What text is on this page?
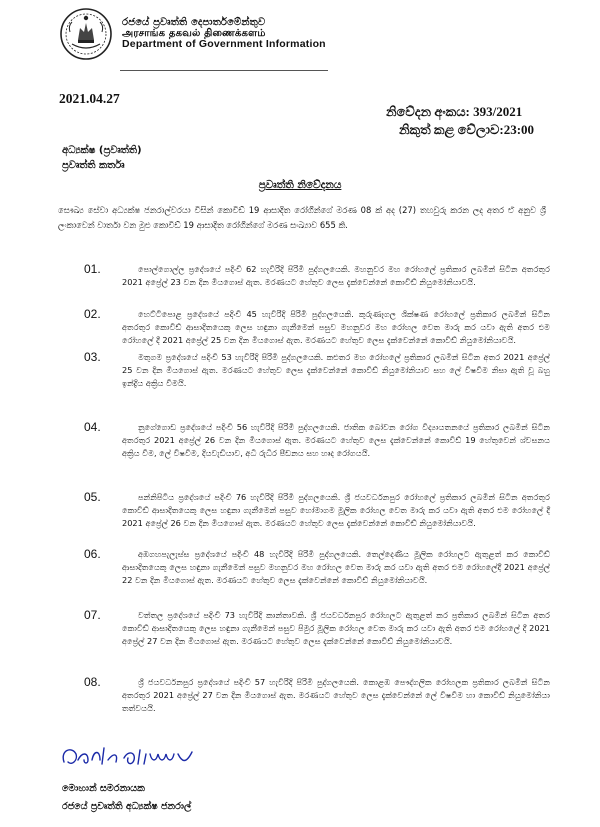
රජයේ ප්‍රවෘත්ති දෙපාර්තමේන්තුව
அரசாங்க தகவல் திணைக்களம்
Department of Government Information
2021.04.27
නිවේදන අංකය: 393/2021
නිකුත් කළ වේලාව:23:00
අධ්‍යක්ෂ (ප්‍රවෘත්ති)
ප්‍රවෘත්ති කර්තෘ
ප්‍රවෘත්ති නිවේදනය
සෞඛ්‍ය සේවා අධ්‍යක්ෂ ජනරාල්වරයා විසින් කොවිඩ් 19 ආසාදිත රෝගීන්ගේ මරණ 08 ක් අද (27) තහවුරු කරන ලද අතර ඒ අනුව ශ්‍රී ලංකාවෙන් වාර්තා වන මුළු කොවිඩ් 19 ආසාදිත රෝගීන්ගේ මරණ සංඛ්‍යාව 655 කි.
01.	පොල්ගොල්ල ප්‍රදේශයේ පදිංචි 62 හැවිරිදි පිරිමි පුද්ගලයෙකි. මහනුවර මහ රෝහලේ ප්‍රතිකාර ලබමින් සිටින අතරතුර 2021 අප්‍රේල් 23 වන දින මියගොස් ඇත. මරණයට හේතුව ලෙස දැක්වෙන්නේ කොවිඩ් නියුමෝනියාවයි.
02.	හෙට්ටිපොළ ප්‍රදේශයේ පදිංචි 45 හැවිරිදි පිරිමි පුද්ගලයෙකි. කුරුණෑගල ශික්ෂණ රෝහලේ ප්‍රතිකාර ලබමින් සිටින අතරතුර කොවිඩ් ආසාදිතයෙකු ලෙස හඳුනා ගැනීමෙන් පසුව මහනුවර මහ රෝහල වෙත මාරු කර යවා ඇති අතර එම රෝහලේ දී 2021 අප්‍රේල් 25 වන දින මියගොස් ඇත. මරණයට හේතුව ලෙස දැක්වෙන්නේ කොවිඩ් නියුමෝනියාවයි.
03.	මතුගම ප්‍රදේශයේ පදිංචි 53 හැවිරිදි පිරිමි පුද්ගලයෙකි. කළුතර මහ රෝහලේ ප්‍රතිකාර ලබමින් සිටින අතර 2021 අප්‍රේල් 25 වන දින මියගොස් ඇත. මරණයට හේතුව ලෙස දැක්වෙන්නේ කොවිඩ් නියුමෝනියාව සහ ලේ විෂවීම නිසා ඇති වූ බහු ඉන්ද්‍රිය අක්‍රිය වීමයි.
04.	නුගේගොඩ ප්‍රදේශයේ පදිංචි 56 හැවිරිදි පිරිමි පුද්ගලයෙකි. ජාතික බෝවන රෝග විද්‍යායතනයේ ප්‍රතිකාර ලබමින් සිටින අතරතුර 2021 අප්‍රේල් 26 වන දින මියගොස් ඇත. මරණයට හේතුව ලෙස දැක්වෙන්නේ කොවිඩ් 19 හේතුවෙන් ශ්වසනය අක්‍රිය වීම, ලේ විෂවීම, දියවැඩියාව, අධි රුධිර පීඩනය සහ හෘද රෝගයයි.
05.	පන්නිපිටිය ප්‍රදේශයේ පදිංචි 76 හැවිරිදි පිරිමි පුද්ගලයෙකි. ශ්‍රී ජයවර්ධනපුර රෝහලේ ප්‍රතිකාර ලබමින් සිටින අතරතුර කොවිඩ් ආසාදිතයෙකු ලෙස හඳුනා ගැනීමෙන් පසුව හෝමාගම මූලික රෝහල වෙත මාරු කර යවා ඇති අතර එම රෝහලේ දී 2021 අප්‍රේල් 26 වන දින මියගොස් ඇත. මරණයට හේතුව ලෙස දැක්වෙන්නේ කොවිඩ් නියුමෝනියාවයි.
06.	අඹගහපැලැස්ස ප්‍රදේශයේ පදිංචි 48 හැවිරිදි පිරිමි පුද්ගලයෙකි. තෙල්දෙණිය මූලික රෝහලට ඇතුළත් කර කොවිඩ් ආසාදිතයෙකු ලෙස හඳුනා ගැනීමෙන් පසුව මහනුවර මහ රෝහල වෙත මාරු කර යවා ඇති අතර එම රෝහලේදී 2021 අප්‍රේල් 22 වන දින මියගොස් ඇත. මරණයට හේතුව ලෙස දැක්වෙන්නේ කොවිඩ් නියුමෝනියාවයි.
07.	වත්තල ප්‍රදේශයේ පදිංචි 73 හැවිරිදි කාන්තාවකි. ශ්‍රී ජයවර්ධනපුර රෝහලට ඇතුළත් කර ප්‍රතිකාර ලබමින් සිටින අතර කොවිඩ් ආසාදිතයෙකු ලෙස හඳුනා ගැනීමෙන් පසුව පිමුර මූලික රෝහල වෙත මාරු කර යවා ඇති අතර එම රෝහලේ දී 2021 අප්‍රේල් 27 වන දින මියගොස් ඇත. මරණයට හේතුව ලෙස දැක්වෙන්නේ කොවිඩ් නියුමෝනියාවයි.
08.	ශ්‍රී ජයවර්ධනපුර ප්‍රදේශයේ පදිංචි 57 හැවිරිදි පිරිමි පුද්ගලයෙකි. කොළඹ පෞද්ගලික රෝහලක ප්‍රතිකාර ලබමින් සිටින අතරතුර 2021 අප්‍රේල් 27 වන දින මියගොස් ඇත. මරණයට හේතුව ලෙස දැක්වෙන්නේ ලේ විෂවීම හා කොවිඩ් නියුමෝනියා තත්වයයි.
මොහාන් සමරනායක
රජයේ ප්‍රවෘත්ති අධ්‍යක්ෂ ජනරාල්
